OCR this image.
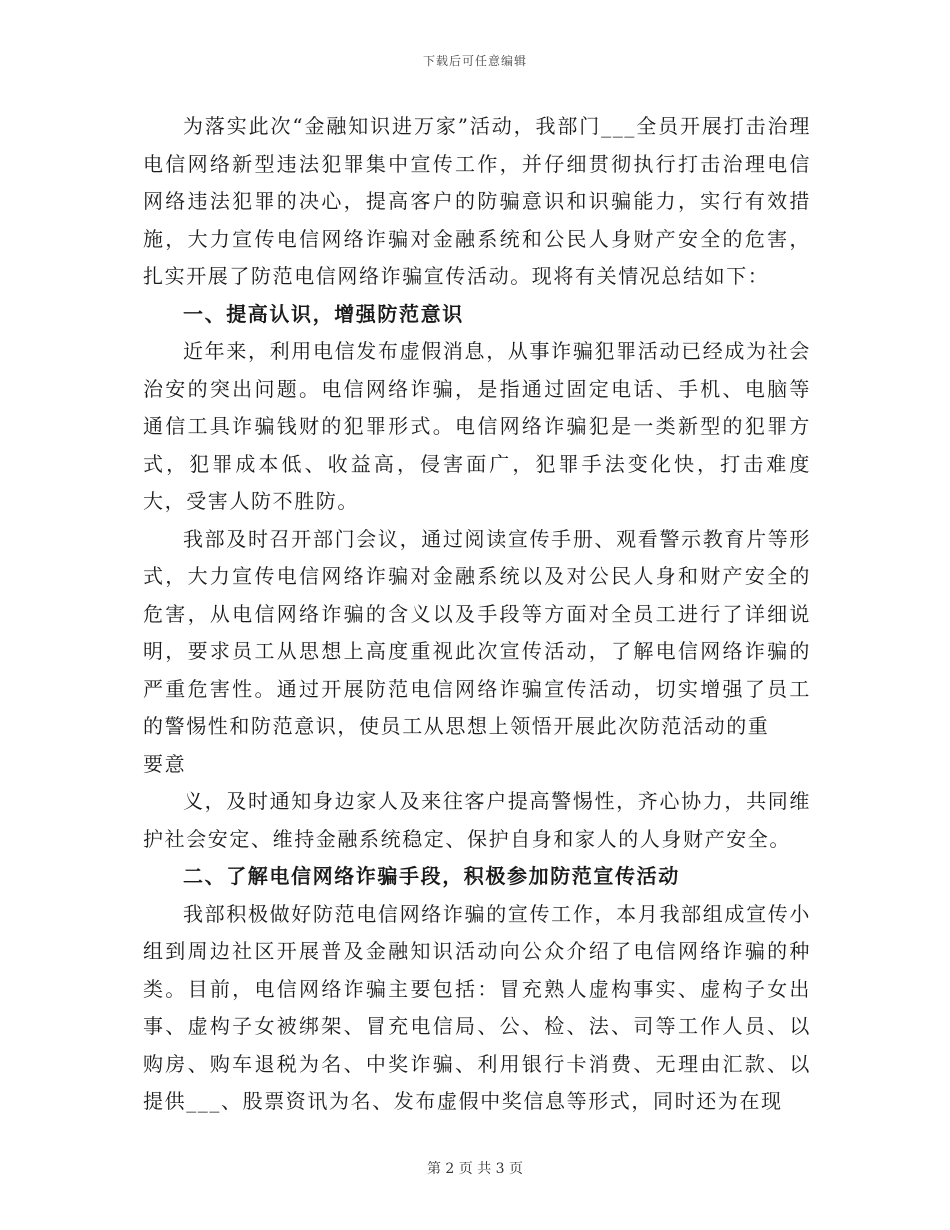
下载后可任意编辑

为落实此次“金融知识进万家”活动，我部门___全员开展打击治理电信网络新型违法犯罪集中宣传工作，并仔细贯彻执行打击治理电信网络违法犯罪的决心，提高客户的防骗意识和识骗能力，实行有效措施，大力宣传电信网络诈骗对金融系统和公民人身财产安全的危害，扎实开展了防范电信网络诈骗宣传活动。现将有关情况总结如下：

一、提高认识，增强防范意识

近年来，利用电信发布虚假消息，从事诈骗犯罪活动已经成为社会治安的突出问题。电信网络诈骗，是指通过固定电话、手机、电脑等通信工具诈骗钱财的犯罪形式。电信网络诈骗犯是一类新型的犯罪方式，犯罪成本低、收益高，侵害面广，犯罪手法变化快，打击难度大，受害人防不胜防。

我部及时召开部门会议，通过阅读宣传手册、观看警示教育片等形式，大力宣传电信网络诈骗对金融系统以及对公民人身和财产安全的危害，从电信网络诈骗的含义以及手段等方面对全员工进行了详细说明，要求员工从思想上高度重视此次宣传活动，了解电信网络诈骗的严重危害性。通过开展防范电信网络诈骗宣传活动，切实增强了员工的警惕性和防范意识，使员工从思想上领悟开展此次防范活动的重

要意

义，及时通知身边家人及来往客户提高警惕性，齐心协力，共同维护社会安定、维持金融系统稳定、保护自身和家人的人身财产安全。

二、了解电信网络诈骗手段，积极参加防范宣传活动

我部积极做好防范电信网络诈骗的宣传工作，本月我部组成宣传小组到周边社区开展普及金融知识活动向公众介绍了电信网络诈骗的种类。目前，电信网络诈骗主要包括：冒充熟人虚构事实、虚构子女出事、虚构子女被绑架、冒充电信局、公、检、法、司等工作人员、以购房、购车退税为名、中奖诈骗、利用银行卡消费、无理由汇款、以提供___、股票资讯为名、发布虚假中奖信息等形式，同时还为在现

第 2 页 共 3 页
